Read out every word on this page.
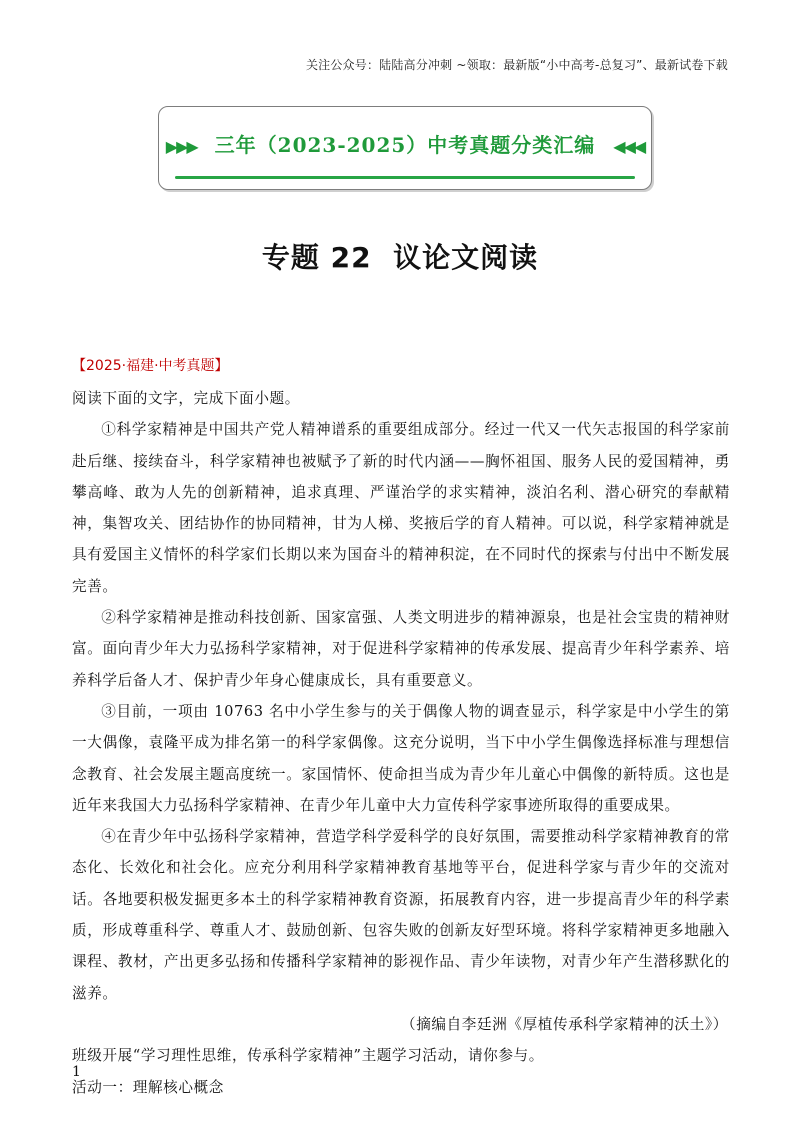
关注公众号：陆陆高分冲刺 ~领取：最新版“小中高考-总复习”、最新试卷下载
▶▶▶ 三年（2023-2025）中考真题分类汇编 ◀◀◀
专题 22  议论文阅读
【2025·福建·中考真题】

阅读下面的文字，完成下面小题。

①科学家精神是中国共产党人精神谱系的重要组成部分。经过一代又一代矢志报国的科学家前赴后继、接续奋斗，科学家精神也被赋予了新的时代内涵——胸怀祖国、服务人民的爱国精神，勇攀高峰、敢为人先的创新精神，追求真理、严谨治学的求实精神，淡泊名利、潜心研究的奉献精神，集智攻关、团结协作的协同精神，甘为人梯、奖掖后学的育人精神。可以说，科学家精神就是具有爱国主义情怀的科学家们长期以来为国奋斗的精神积淀，在不同时代的探索与付出中不断发展完善。

②科学家精神是推动科技创新、国家富强、人类文明进步的精神源泉，也是社会宝贵的精神财富。面向青少年大力弘扬科学家精神，对于促进科学家精神的传承发展、提高青少年科学素养、培养科学后备人才、保护青少年身心健康成长，具有重要意义。

③目前，一项由 10763 名中小学生参与的关于偶像人物的调查显示，科学家是中小学生的第一大偶像，袁隆平成为排名第一的科学家偶像。这充分说明，当下中小学生偶像选择标准与理想信念教育、社会发展主题高度统一。家国情怀、使命担当成为青少年儿童心中偶像的新特质。这也是近年来我国大力弘扬科学家精神、在青少年儿童中大力宣传科学家事迹所取得的重要成果。

④在青少年中弘扬科学家精神，营造学科学爱科学的良好氛围，需要推动科学家精神教育的常态化、长效化和社会化。应充分利用科学家精神教育基地等平台，促进科学家与青少年的交流对话。各地要积极发掘更多本土的科学家精神教育资源，拓展教育内容，进一步提高青少年的科学素质，形成尊重科学、尊重人才、鼓励创新、包容失败的创新友好型环境。将科学家精神更多地融入课程、教材，产出更多弘扬和传播科学家精神的影视作品、青少年读物，对青少年产生潜移默化的滋养。

（摘编自李廷洲《厚植传承科学家精神的沃土》）

班级开展“学习理性思维，传承科学家精神”主题学习活动，请你参与。

活动一：理解核心概念

1
